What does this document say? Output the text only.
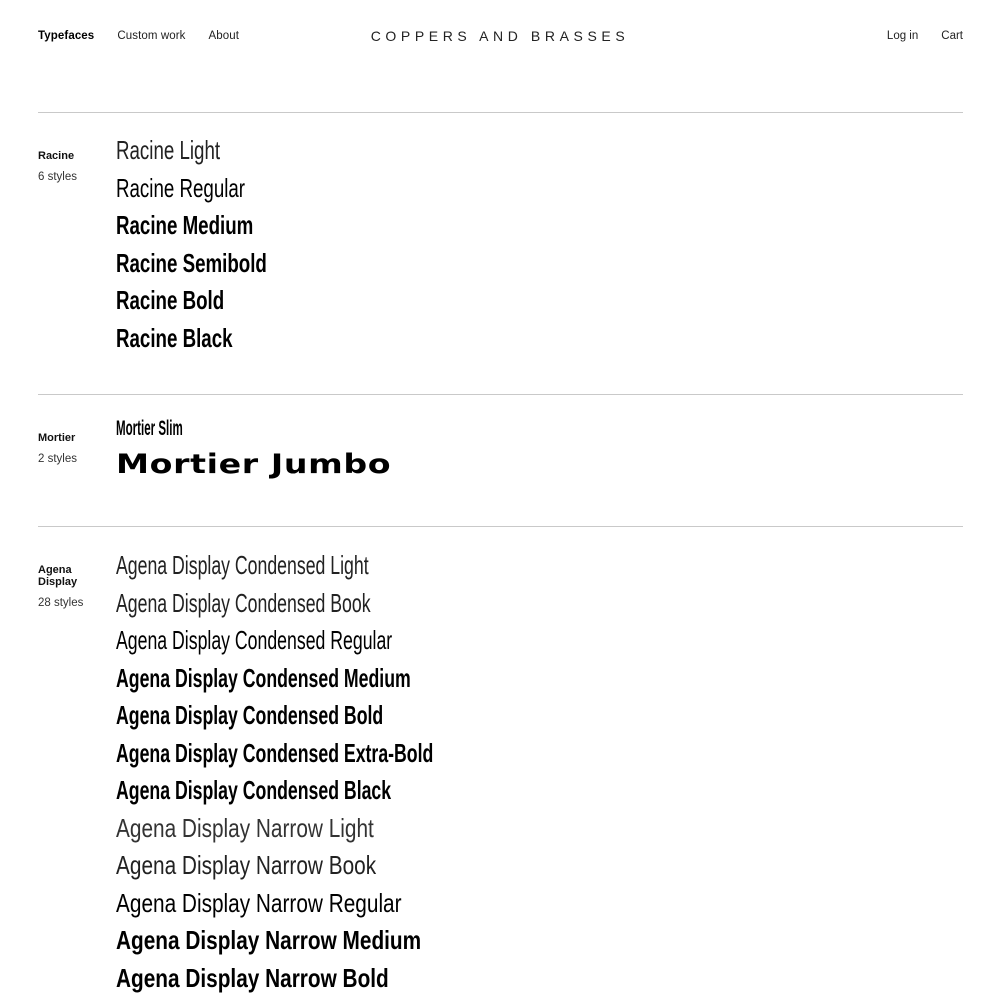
Typefaces Custom work About	COPPERS AND BRASSES	Log in Cart
Racine
6 styles
Racine Light
Racine Regular
Racine Medium
Racine Semibold
Racine Bold
Racine Black
Mortier
2 styles
Mortier Slim
Mortier Jumbo
Agena Display
28 styles
Agena Display Condensed Light
Agena Display Condensed Book
Agena Display Condensed Regular
Agena Display Condensed Medium
Agena Display Condensed Bold
Agena Display Condensed Extra-Bold
Agena Display Condensed Black
Agena Display Narrow Light
Agena Display Narrow Book
Agena Display Narrow Regular
Agena Display Narrow Medium
Agena Display Narrow Bold
